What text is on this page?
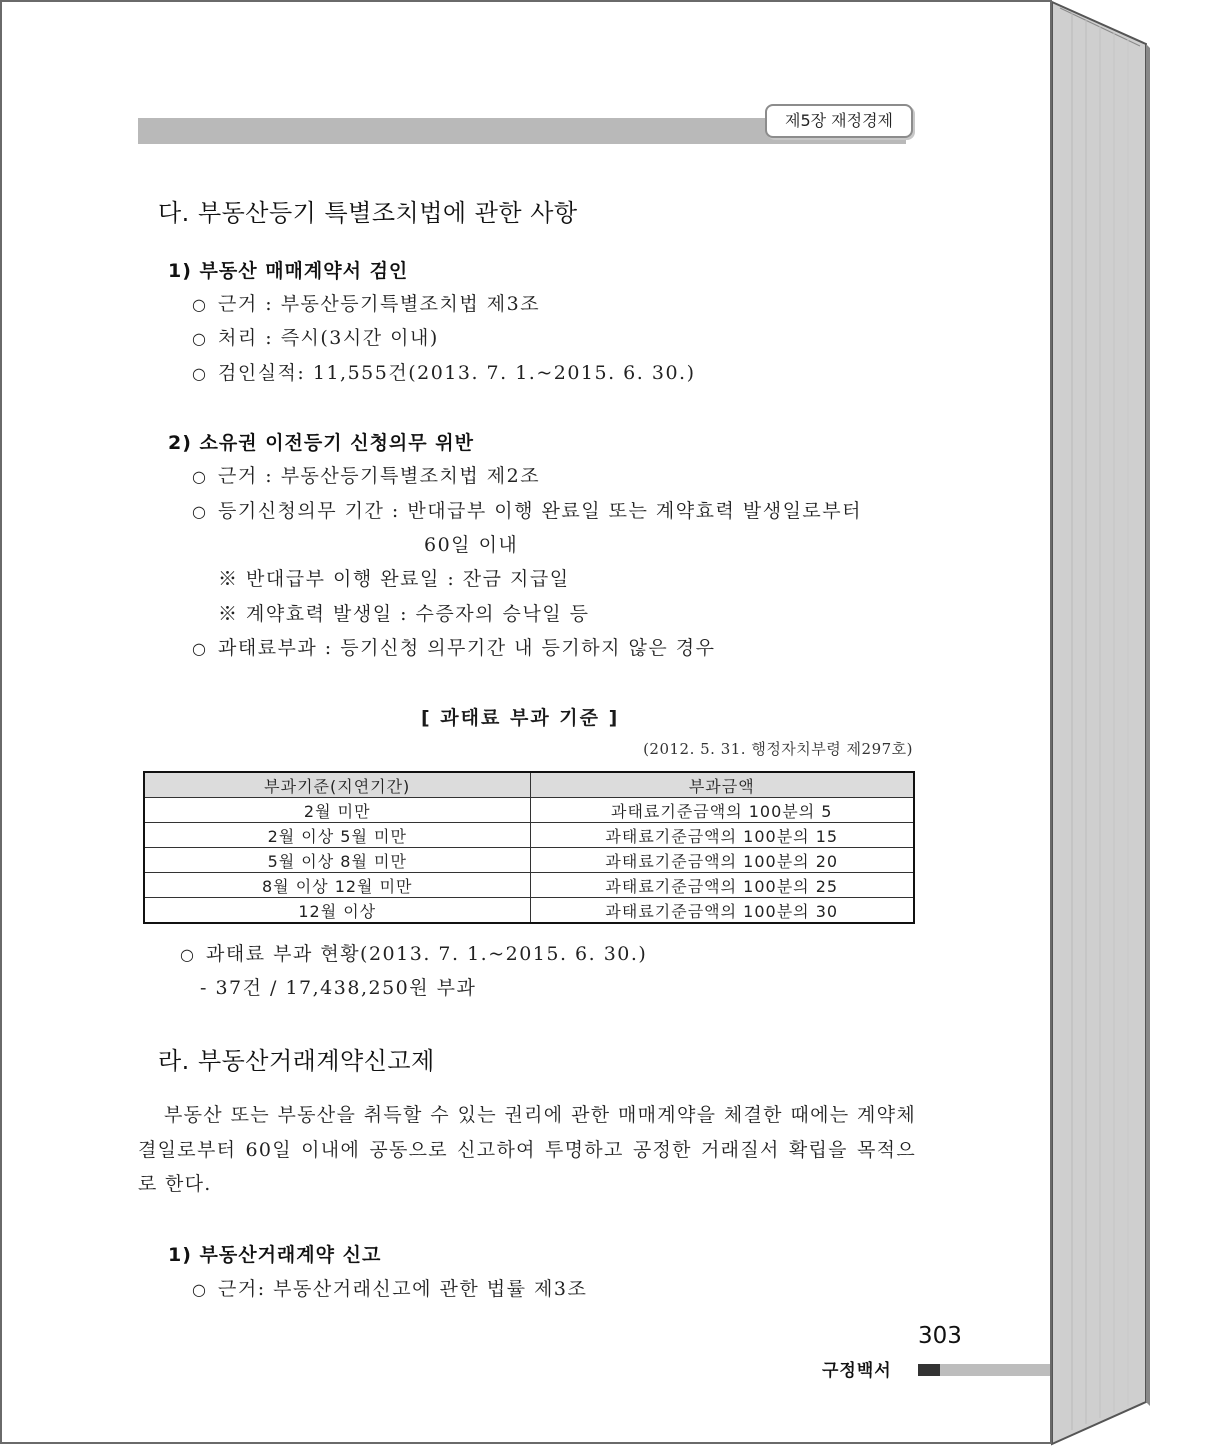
제5장 재정경제
다. 부동산등기 특별조치법에 관한 사항
1) 부동산 매매계약서 검인
○ 근거 : 부동산등기특별조치법 제3조
○ 처리 : 즉시(3시간 이내)
○ 검인실적: 11,555건(2013. 7. 1.~2015. 6. 30.)
2) 소유권 이전등기 신청의무 위반
○ 근거 : 부동산등기특별조치법 제2조
○ 등기신청의무 기간 : 반대급부 이행 완료일 또는 계약효력 발생일로부터
60일 이내
※ 반대급부 이행 완료일 : 잔금 지급일
※ 계약효력 발생일 : 수증자의 승낙일 등
○ 과태료부과 : 등기신청 의무기간 내 등기하지 않은 경우
[ 과태료 부과 기준 ]
(2012. 5. 31. 행정자치부령 제297호)
부과기준(지연기간)	부과금액
2월 미만	과태료기준금액의 100분의 5
2월 이상 5월 미만	과태료기준금액의 100분의 15
5월 이상 8월 미만	과태료기준금액의 100분의 20
8월 이상 12월 미만	과태료기준금액의 100분의 25
12월 이상	과태료기준금액의 100분의 30
○ 과태료 부과 현황(2013. 7. 1.~2015. 6. 30.)
- 37건 / 17,438,250원 부과
라. 부동산거래계약신고제
부동산 또는 부동산을 취득할 수 있는 권리에 관한 매매계약을 체결한 때에는 계약체결일로부터 60일 이내에 공동으로 신고하여 투명하고 공정한 거래질서 확립을 목적으로 한다.
1) 부동산거래계약 신고
○ 근거: 부동산거래신고에 관한 법률 제3조
303
구정백서
